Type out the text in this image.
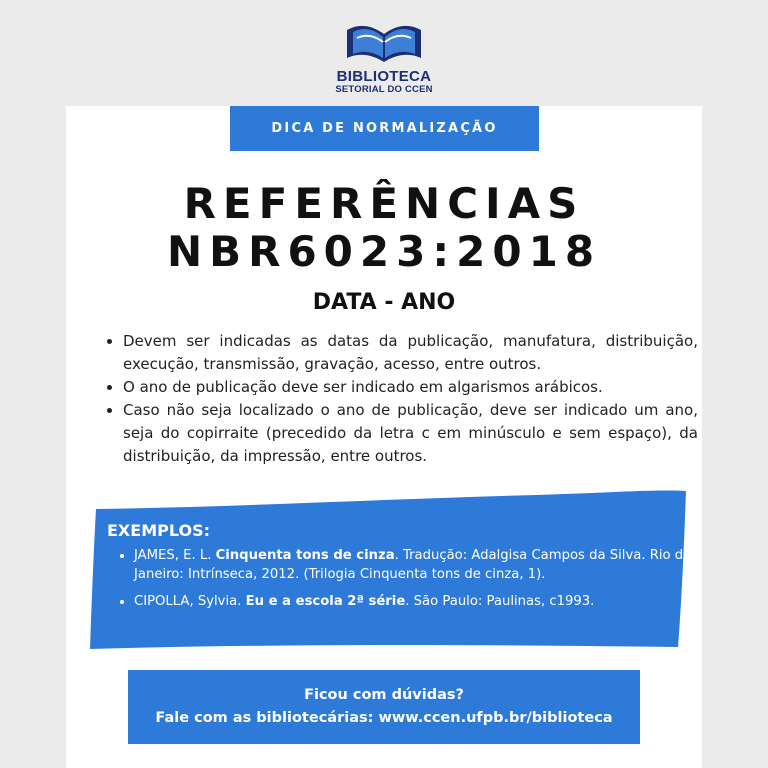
BIBLIOTECA
SETORIAL DO CCEN
DICA DE NORMALIZAÇÃO
REFERÊNCIAS
NBR6023:2018
DATA - ANO
• Devem ser indicadas as datas da publicação, manufatura, distribuição, execução, transmissão, gravação, acesso, entre outros.
• O ano de publicação deve ser indicado em algarismos arábicos.
• Caso não seja localizado o ano de publicação, deve ser indicado um ano, seja do copirraite (precedido da letra c em minúsculo e sem espaço), da distribuição, da impressão, entre outros.
EXEMPLOS:
• JAMES, E. L. Cinquenta tons de cinza. Tradução: Adalgisa Campos da Silva. Rio de Janeiro: Intrínseca, 2012. (Trilogia Cinquenta tons de cinza, 1).
• CIPOLLA, Sylvia. Eu e a escola 2ª série. São Paulo: Paulinas, c1993.
Ficou com dúvidas?
Fale com as bibliotecárias: www.ccen.ufpb.br/biblioteca
